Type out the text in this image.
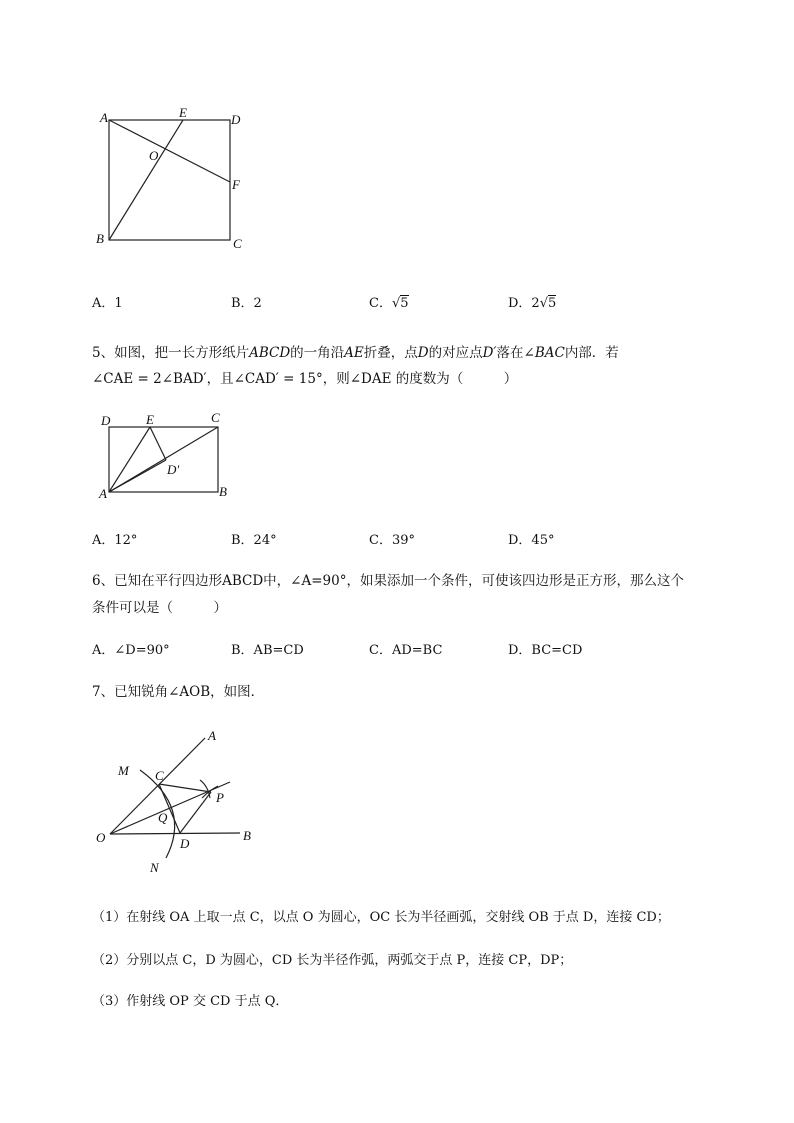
A	E	D
O
F
B	C
A．1	B．2	C．√5	D．2√5
5、如图，把一长方形纸片ABCD的一角沿AE折叠，点D的对应点D′落在∠BAC内部．若
∠CAE = 2∠BAD′，且∠CAD′ = 15°，则∠DAE 的度数为（　　　）
D	E	C
D′
A	B
A．12°	B．24°	C．39°	D．45°
6、已知在平行四边形ABCD中，∠A=90°，如果添加一个条件，可使该四边形是正方形，那么这个
条件可以是（　　　）
A．∠D=90°	B．AB=CD	C．AD=BC	D．BC=CD
7、已知锐角∠AOB，如图．
A
M C
P
Q
O	D
B
N
（1）在射线 OA 上取一点 C，以点 O 为圆心，OC 长为半径画弧，交射线 OB 于点 D，连接 CD；
（2）分别以点 C，D 为圆心，CD 长为半径作弧，两弧交于点 P，连接 CP，DP；
（3）作射线 OP 交 CD 于点 Q．
